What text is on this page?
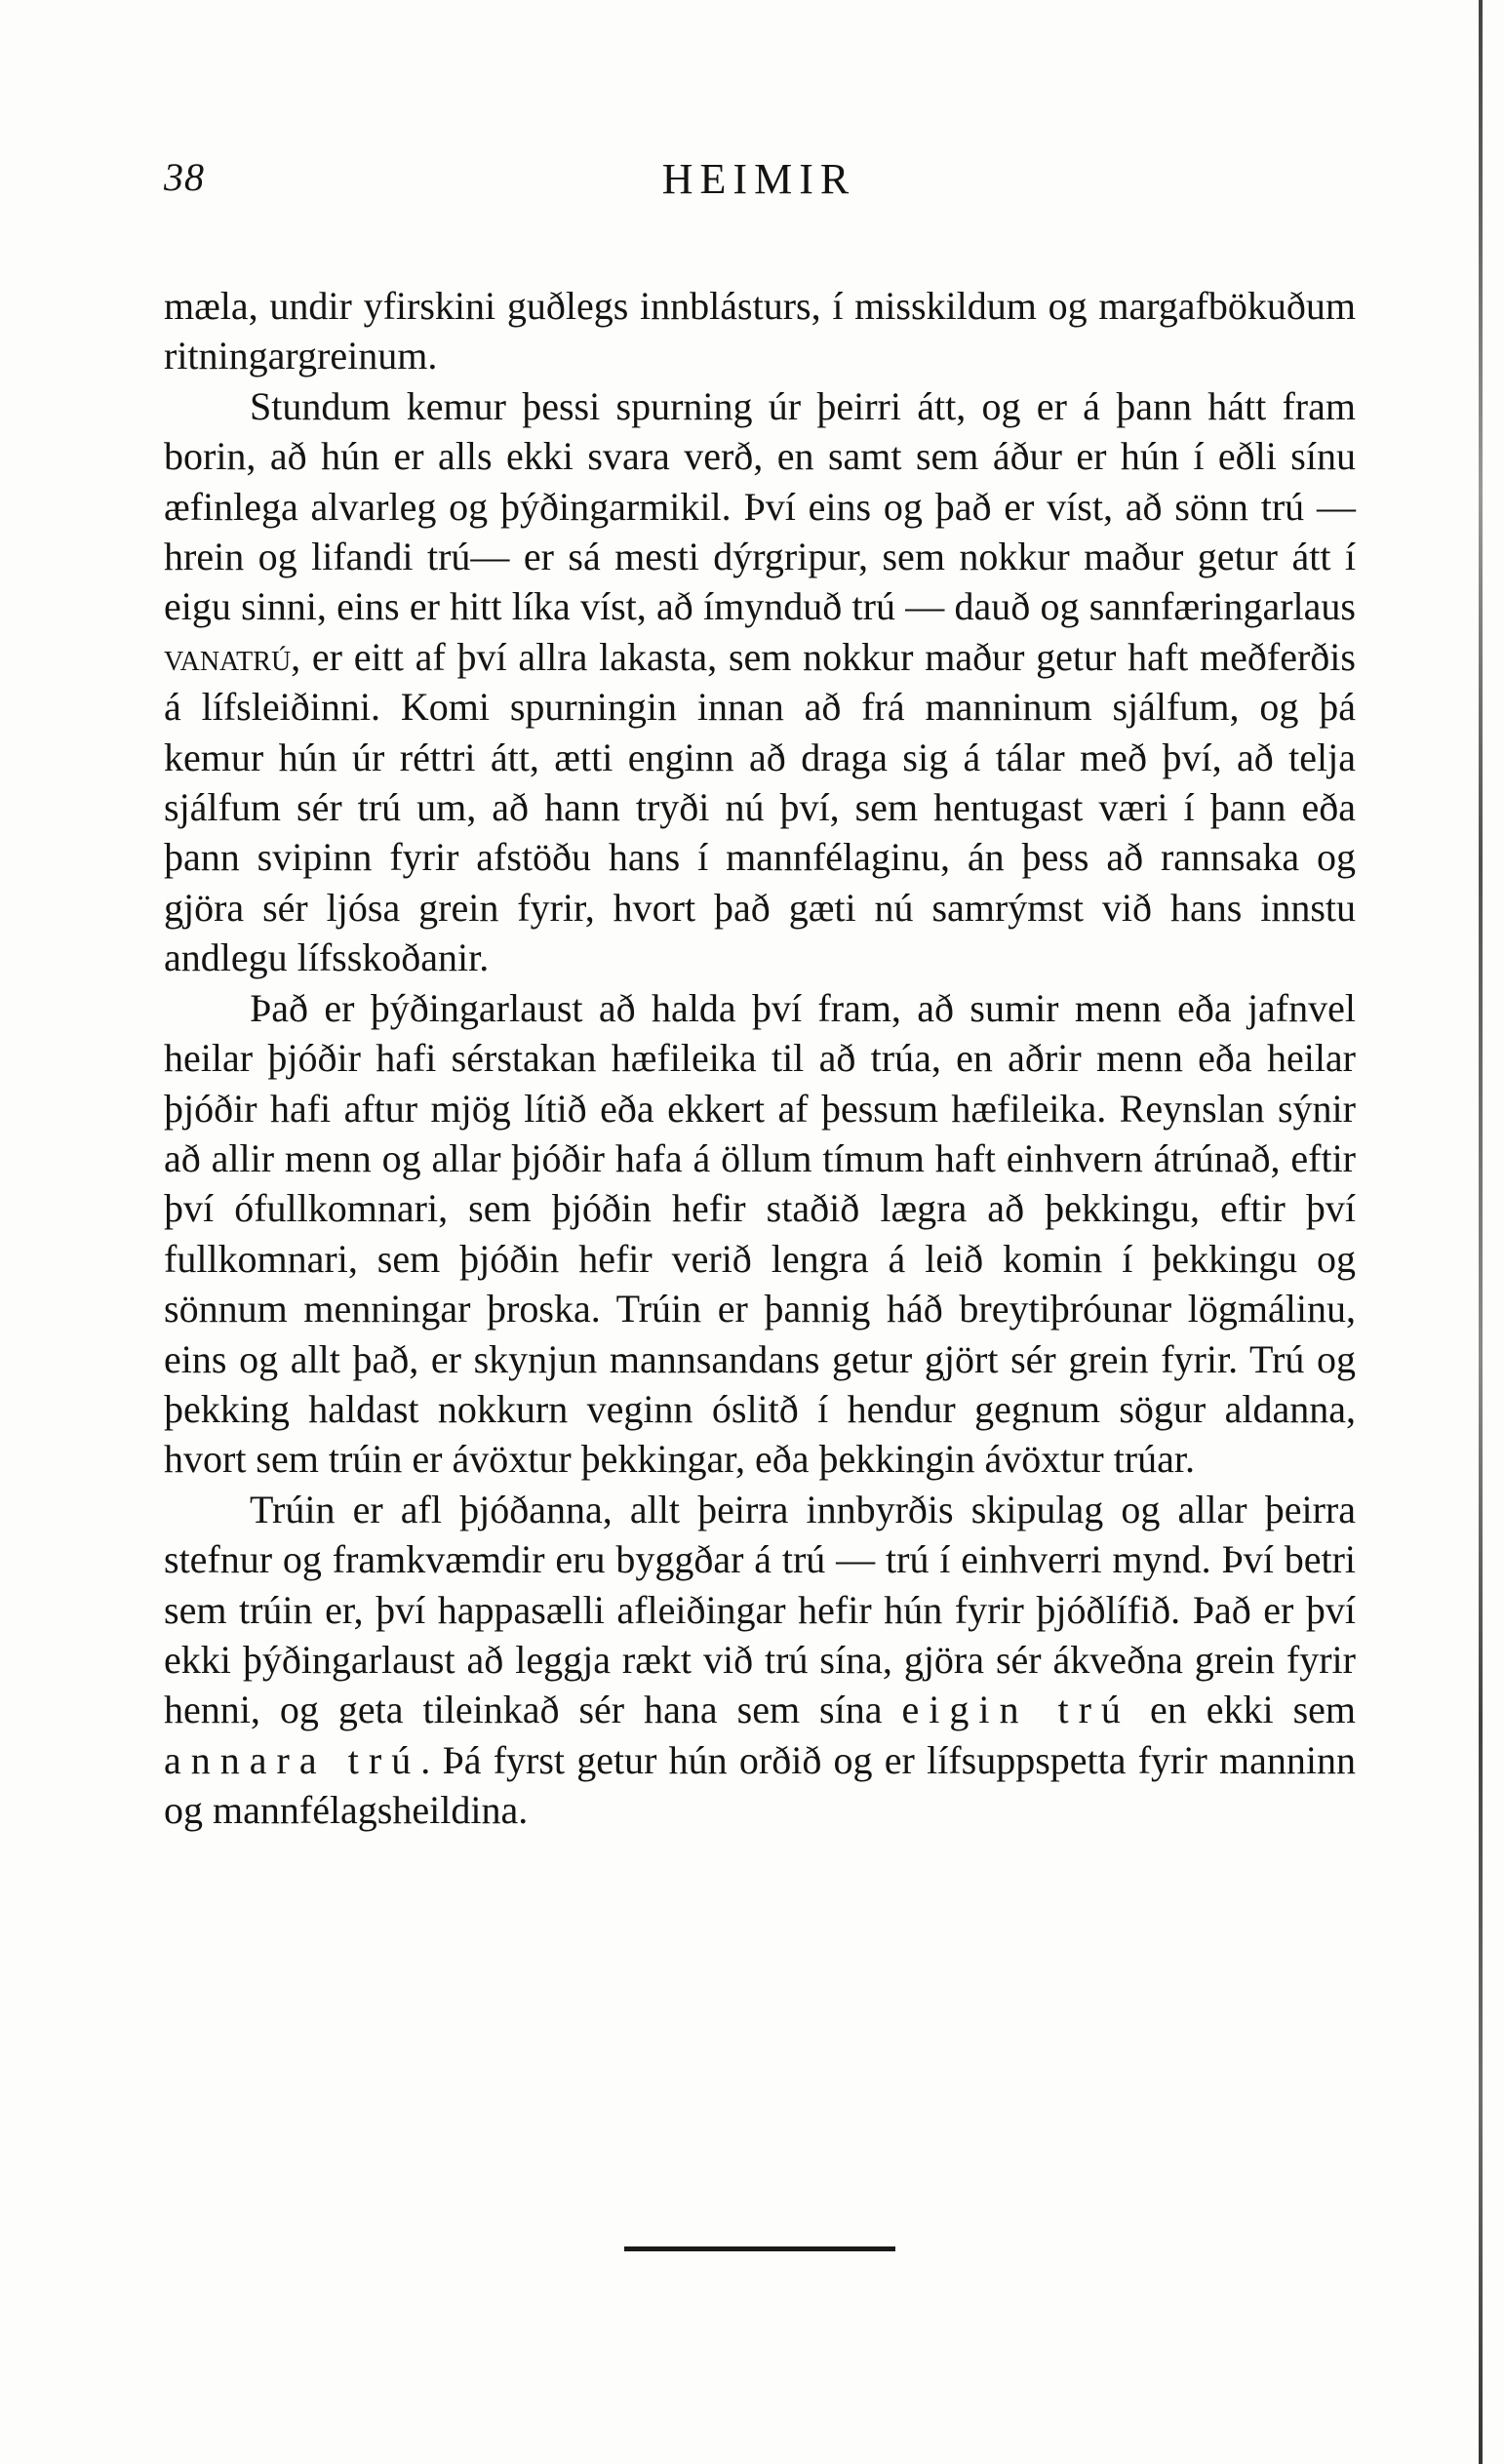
38	HEIMIR

mæla, undir yfirskini guðlegs innblásturs, í misskildum og margafbökuðum ritningargreinum.

Stundum kemur þessi spurning úr þeirri átt, og er á þann hátt fram borin, að hún er alls ekki svara verð, en samt sem áður er hún í eðli sínu æfinlega alvarleg og þýðingarmikil. Því eins og það er víst, að sönn trú —hrein og lifandi trú— er sá mesti dýrgripur, sem nokkur maður getur átt í eigu sinni, eins er hitt líka víst, að ímynduð trú — dauð og sannfæringarlaus vanatrú, er eitt af því allra lakasta, sem nokkur maður getur haft meðferðis á lífsleiðinni. Komi spurningin innan að frá manninum sjálfum, og þá kemur hún úr réttri átt, ætti enginn að draga sig á tálar með því, að telja sjálfum sér trú um, að hann tryði nú því, sem hentugast væri í þann eða þann svipinn fyrir afstöðu hans í mannfélaginu, án þess að rannsaka og gjöra sér ljósa grein fyrir, hvort það gæti nú samrýmst við hans innstu andlegu lífsskoðanir.

Það er þýðingarlaust að halda því fram, að sumir menn eða jafnvel heilar þjóðir hafi sérstakan hæfileika til að trúa, en aðrir menn eða heilar þjóðir hafi aftur mjög lítið eða ekkert af þessum hæfileika. Reynslan sýnir að allir menn og allar þjóðir hafa á öllum tímum haft einhvern átrúnað, eftir því ófullkomnari, sem þjóðin hefir staðið lægra að þekkingu, eftir því fullkomnari, sem þjóðin hefir verið lengra á leið komin í þekkingu og sönnum menningar þroska. Trúin er þannig háð breytiþróunar lögmálinu, eins og allt það, er skynjun mannsandans getur gjört sér grein fyrir. Trú og þekking haldast nokkurn veginn óslitð í hendur gegnum sögur aldanna, hvort sem trúin er ávöxtur þekkingar, eða þekkingin ávöxtur trúar.

Trúin er afl þjóðanna, allt þeirra innbyrðis skipulag og allar þeirra stefnur og framkvæmdir eru byggðar á trú — trú í einhverri mynd. Því betri sem trúin er, því happasælli afleiðingar hefir hún fyrir þjóðlífið. Það er því ekki þýðingarlaust að leggja rækt við trú sína, gjöra sér ákveðna grein fyrir henni, og geta tileinkað sér hana sem sína eigin trú en ekki sem annara trú. Þá fyrst getur hún orðið og er lífsuppspetta fyrir manninn og mannfélagsheildina.
